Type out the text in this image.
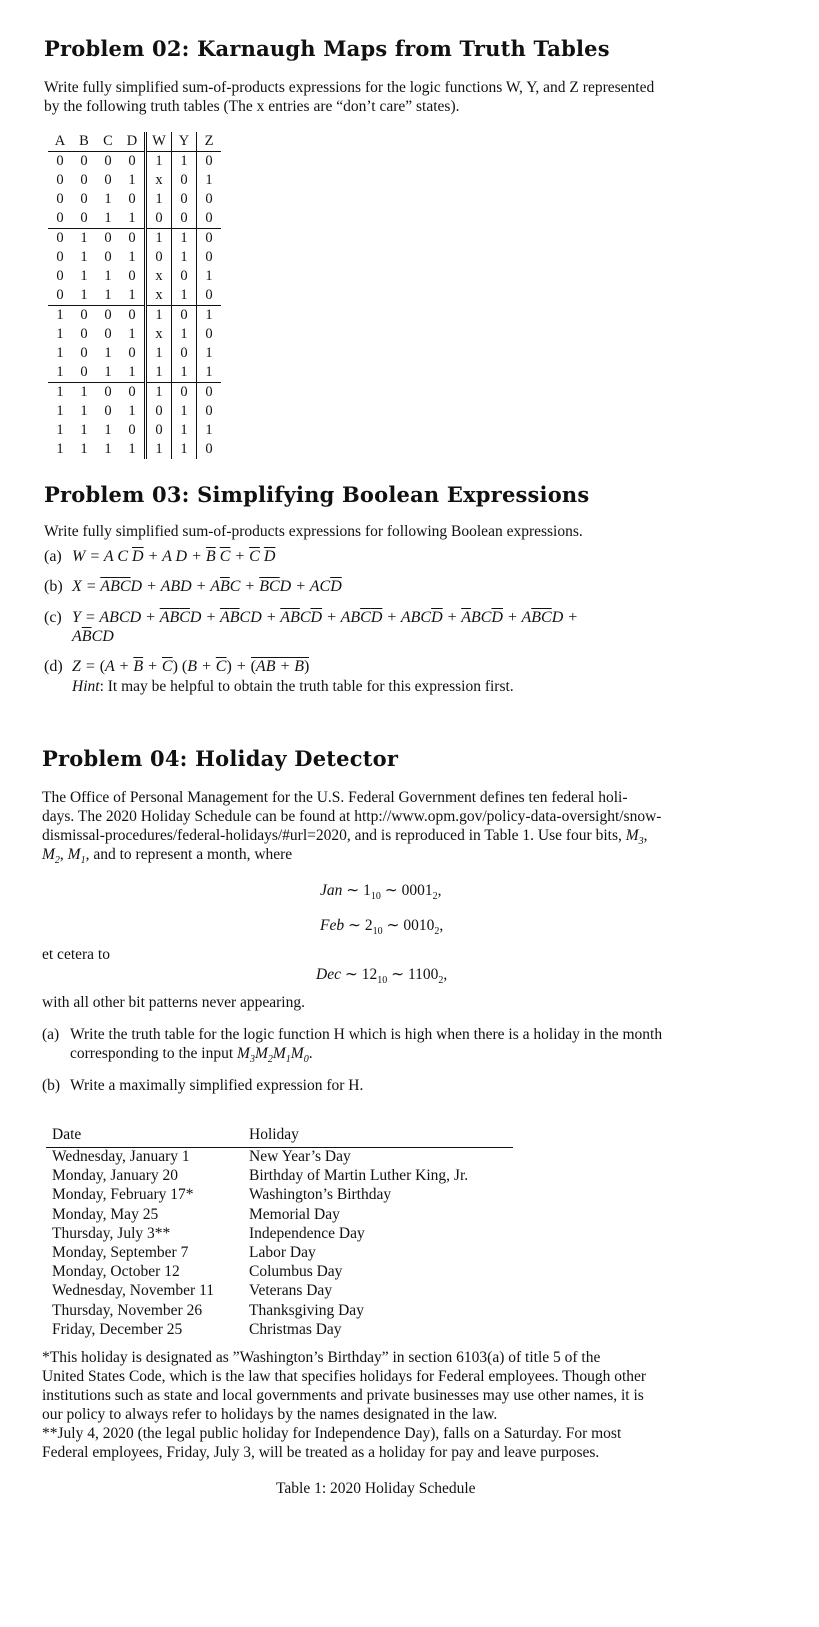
Problem 02: Karnaugh Maps from Truth Tables

Write fully simplified sum-of-products expressions for the logic functions W, Y, and Z represented

by the following truth tables (The x entries are “don’t care” states).

A	B	C	D	W	Y	Z
0	0	0	0	1	1	0
0	0	0	1	x	0	1
0	0	1	0	1	0	0
0	0	1	1	0	0	0
0	1	0	0	1	1	0
0	1	0	1	0	1	0
0	1	1	0	x	0	1
0	1	1	1	x	1	0
1	0	0	0	1	0	1
1	0	0	1	x	1	0
1	0	1	0	1	0	1
1	0	1	1	1	1	1
1	1	0	0	1	0	0
1	1	0	1	0	1	0
1	1	1	0	0	1	1
1	1	1	1	1	1	0
Problem 03: Simplifying Boolean Expressions

Write fully simplified sum-of-products expressions for following Boolean expressions.

(a) W = A C $\overline{D} + A$ $D + \overline{B}$ $\overline{C} + \overline{C}$ $\overline{D}$
(b) $X = \overline{A}\overline{B}\overline{C}D$ + ABD + $A\overline{B}C + \overline{B}\overline{C}D + AC\overline{D}$
(c) Y = ABCD + $\overline{A}\overline{B}\overline{C}D + \overline{A}\overline{B}CD + \overline{A}\overline{B}C\overline{D} + AB\overline{C}\overline{D} + ABC\overline{D} + \overline{A}BC\overline{D} + A\overline{B}\overline{C}D$ +
$A\overline{B}CD$
(d) $Z = (A + \overline{B} + \overline{C})$ $(B + \overline{C}) + (\overline{AB} + B)$
Hint: It may be helpful to obtain the truth table for this expression first.
Problem 04: Holiday Detector

The Office of Personal Management for the U.S. Federal Government defines ten federal holi-

days. The 2020 Holiday Schedule can be found at http://www.opm.gov/policy-data-oversight/snow-

dismissal-procedures/federal-holidays/#url=2020, and is reproduced in Table 1. Use four bits, $M_3$,

$M_2$, $M_1$, and to represent a month, where

Jan ∼ $1_{10}$ ∼ $0001_2$,

Feb ∼ $2_{10}$ ∼ $0010_2$,

et cetera to

Dec ∼ $12_{10}$ ∼ $1100_2$,

with all other bit patterns never appearing.

(a) Write the truth table for the logic function H which is high when there is a holiday in the month

corresponding to the input $M_3M_2M_1M_0$.

(b) Write a maximally simplified expression for H.

Date	Holiday
Wednesday, January 1	New Year’s Day
Monday, January 20	Birthday of Martin Luther King, Jr.
Monday, February 17*	Washington’s Birthday
Monday, May 25	Memorial Day
Thursday, July 3**	Independence Day
Monday, September 7	Labor Day
Monday, October 12	Columbus Day
Wednesday, November 11 Veterans Day
Thursday, November 26	Thanksgiving Day
Friday, December 25	Christmas Day

*This holiday is designated as ”Washington’s Birthday” in section 6103(a) of title 5 of the

United States Code, which is the law that specifies holidays for Federal employees. Though other

institutions such as state and local governments and private businesses may use other names, it is

our policy to always refer to holidays by the names designated in the law.

**July 4, 2020 (the legal public holiday for Independence Day), falls on a Saturday. For most

Federal employees, Friday, July 3, will be treated as a holiday for pay and leave purposes.

Table 1: 2020 Holiday Schedule
